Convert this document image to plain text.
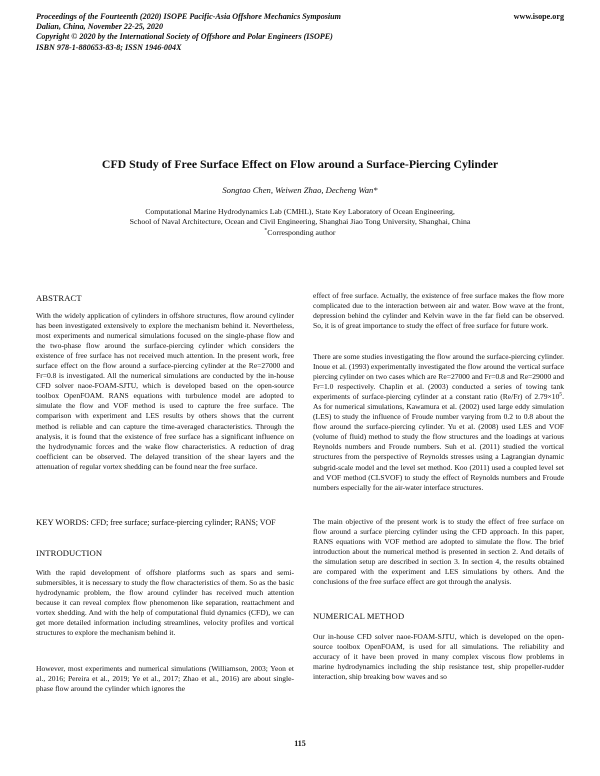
Proceedings of the Fourteenth (2020) ISOPE Pacific-Asia Offshore Mechanics Symposium
Dalian, China, November 22-25, 2020
Copyright © 2020 by the International Society of Offshore and Polar Engineers (ISOPE)
ISBN 978-1-880653-83-8; ISSN 1946-004X
www.isope.org
CFD Study of Free Surface Effect on Flow around a Surface-Piercing Cylinder
Songtao Chen, Weiwen Zhao, Decheng Wan*
Computational Marine Hydrodynamics Lab (CMHL), State Key Laboratory of Ocean Engineering,
School of Naval Architecture, Ocean and Civil Engineering, Shanghai Jiao Tong University, Shanghai, China
*Corresponding author
ABSTRACT

With the widely application of cylinders in offshore structures, flow around cylinder has been investigated extensively to explore the mechanism behind it. Nevertheless, most experiments and numerical simulations focused on the single-phase flow and the two-phase flow around the surface-piercing cylinder which considers the existence of free surface has not received much attention. In the present work, free surface effect on the flow around a surface-piercing cylinder at the Re=27000 and Fr=0.8 is investigated. All the numerical simulations are conducted by the in-house CFD solver naoe-FOAM-SJTU, which is developed based on the open-source toolbox OpenFOAM. RANS equations with turbulence model are adopted to simulate the flow and VOF method is used to capture the free surface. The comparison with experiment and LES results by others shows that the current method is reliable and can capture the time-averaged characteristics. Through the analysis, it is found that the existence of free surface has a significant influence on the hydrodynamic forces and the wake flow characteristics. A reduction of drag coefficient can be observed. The delayed transition of the shear layers and the attenuation of regular vortex shedding can be found near the free surface.

KEY WORDS: CFD; free surface; surface-piercing cylinder; RANS; VOF
INTRODUCTION

With the rapid development of offshore platforms such as spars and semi-submersibles, it is necessary to study the flow characteristics of them. So as the basic hydrodynamic problem, the flow around cylinder has received much attention because it can reveal complex flow phenomenon like separation, reattachment and vortex shedding. And with the help of computational fluid dynamics (CFD), we can get more detailed information including streamlines, velocity profiles and vortical structures to explore the mechanism behind it.

However, most experiments and numerical simulations (Williamson, 2003; Yeon et al., 2016; Pereira et al., 2019; Ye et al., 2017; Zhao et al., 2016) are about single-phase flow around the cylinder which ignores the

effect of free surface. Actually, the existence of free surface makes the flow more complicated due to the interaction between air and water. Bow wave at the front, depression behind the cylinder and Kelvin wave in the far field can be observed. So, it is of great importance to study the effect of free surface for future work.

There are some studies investigating the flow around the surface-piercing cylinder. Inoue et al. (1993) experimentally investigated the flow around the vertical surface piercing cylinder on two cases which are Re=27000 and Fr=0.8 and Re=29000 and Fr=1.0 respectively. Chaplin et al. (2003) conducted a series of towing tank experiments of surface-piercing cylinder at a constant ratio (Re/Fr) of $2.79\times 10^5$. As for numerical simulations, Kawamura et al. (2002) used large eddy simulation (LES) to study the influence of Froude number varying from 0.2 to 0.8 about the flow around the surface-piercing cylinder. Yu et al. (2008) used LES and VOF (volume of fluid) method to study the flow structures and the loadings at various Reynolds numbers and Froude numbers. Suh et al. (2011) studied the vortical structures from the perspective of Reynolds stresses using a Lagrangian dynamic subgrid-scale model and the level set method. Koo (2011) used a coupled level set and VOF method (CLSVOF) to study the effect of Reynolds numbers and Froude numbers especially for the air-water interface structures.

The main objective of the present work is to study the effect of free surface on flow around a surface piercing cylinder using the CFD approach. In this paper, RANS equations with VOF method are adopted to simulate the flow. The brief introduction about the numerical method is presented in section 2. And details of the simulation setup are described in section 3. In section 4, the results obtained are compared with the experiment and LES simulations by others. And the conclusions of the free surface effect are got through the analysis.

NUMERICAL METHOD

Our in-house CFD solver naoe-FOAM-SJTU, which is developed on the open-source toolbox OpenFOAM, is used for all simulations. The reliability and accuracy of it have been proved in many complex viscous flow problems in marine hydrodynamics including the ship resistance test, ship propeller-rudder interaction, ship breaking bow waves and so

115
